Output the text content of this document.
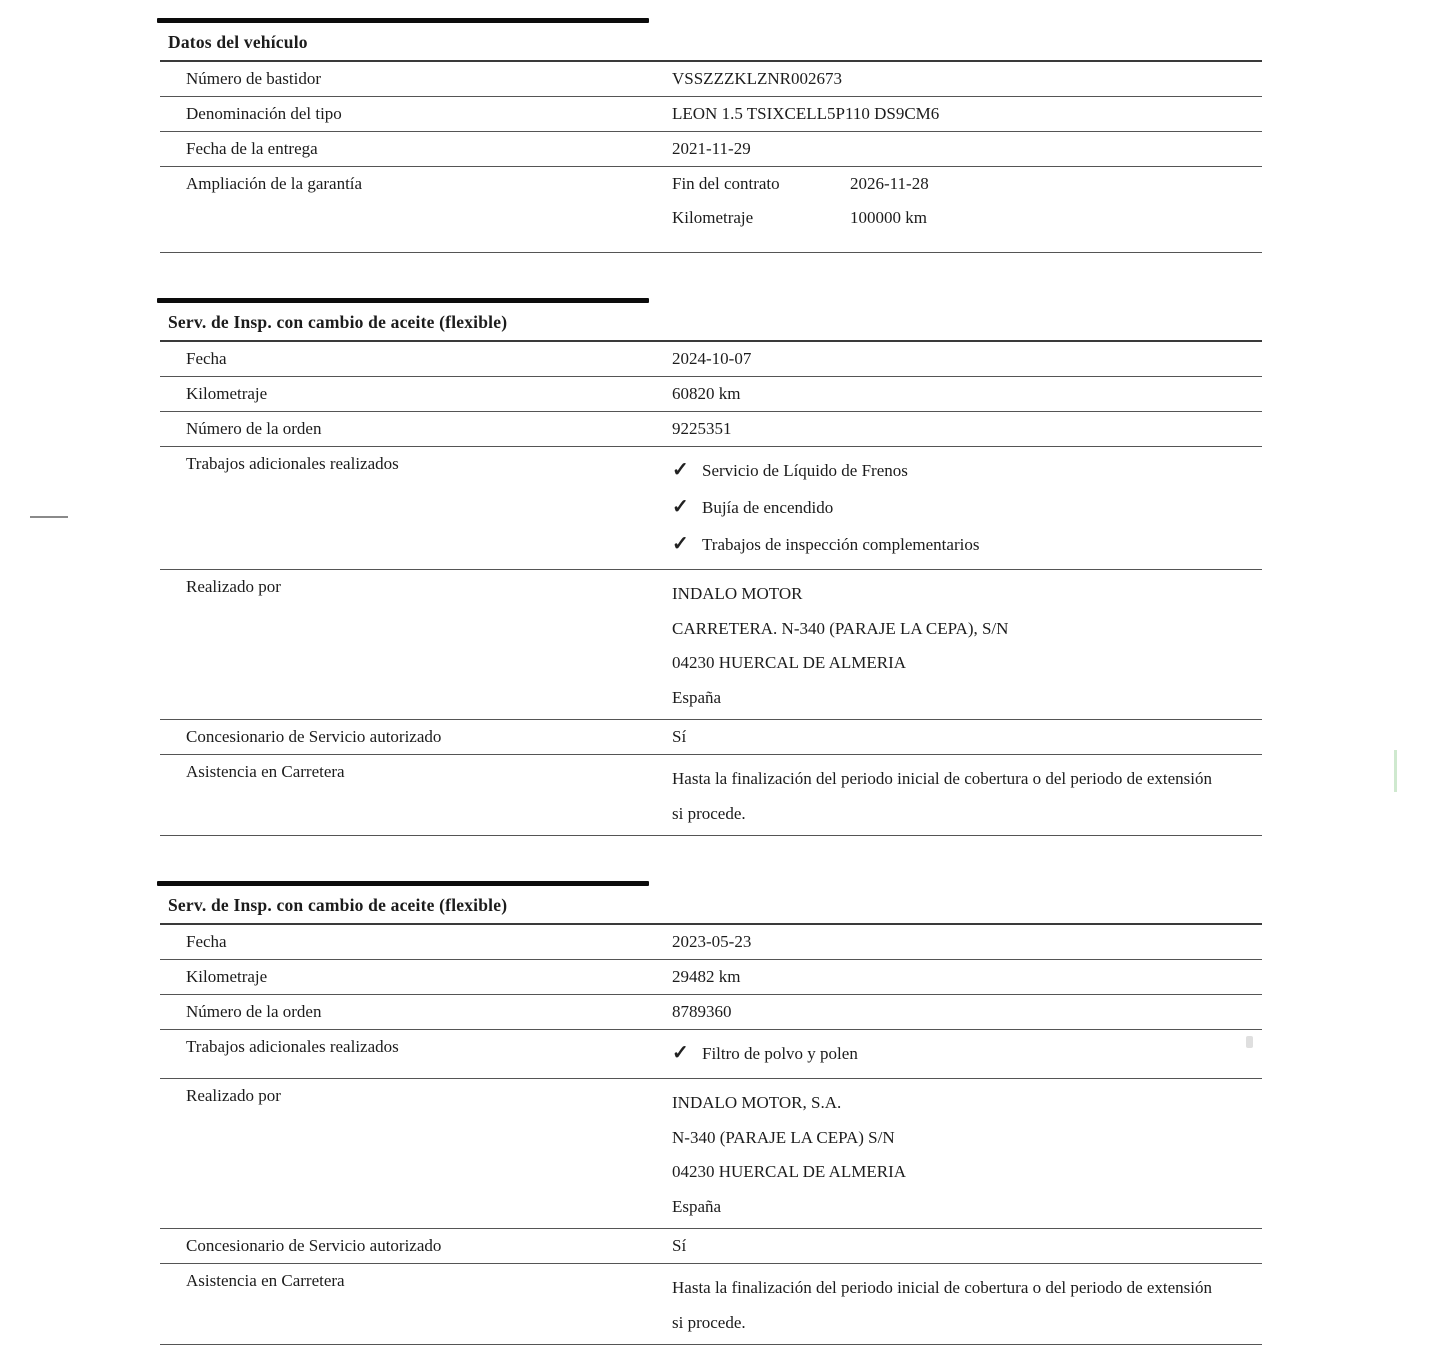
Datos del vehículo
Número de bastidor	VSSZZZKLZNR002673
Denominación del tipo	LEON 1.5 TSIXCELL5P110 DS9CM6
Fecha de la entrega	2021-11-29
Ampliación de la garantía	Fin del contrato	2026-11-28
Kilometraje	100000 km
Serv. de Insp. con cambio de aceite (flexible)
Fecha	2024-10-07
Kilometraje	60820 km
Número de la orden	9225351
Trabajos adicionales realizados	✓ Servicio de Líquido de Frenos
✓ Bujía de encendido
✓ Trabajos de inspección complementarios
Realizado por	INDALO MOTOR
CARRETERA. N-340 (PARAJE LA CEPA), S/N
04230 HUERCAL DE ALMERIA
España
Concesionario de Servicio autorizado	Sí
Asistencia en Carretera	Hasta la finalización del periodo inicial de cobertura o del periodo de extensión
si procede.
Serv. de Insp. con cambio de aceite (flexible)
Fecha	2023-05-23
Kilometraje	29482 km
Número de la orden	8789360
Trabajos adicionales realizados	✓ Filtro de polvo y polen
Realizado por	INDALO MOTOR, S.A.
N-340 (PARAJE LA CEPA) S/N
04230 HUERCAL DE ALMERIA
España
Concesionario de Servicio autorizado	Sí
Asistencia en Carretera	Hasta la finalización del periodo inicial de cobertura o del periodo de extensión
si procede.
